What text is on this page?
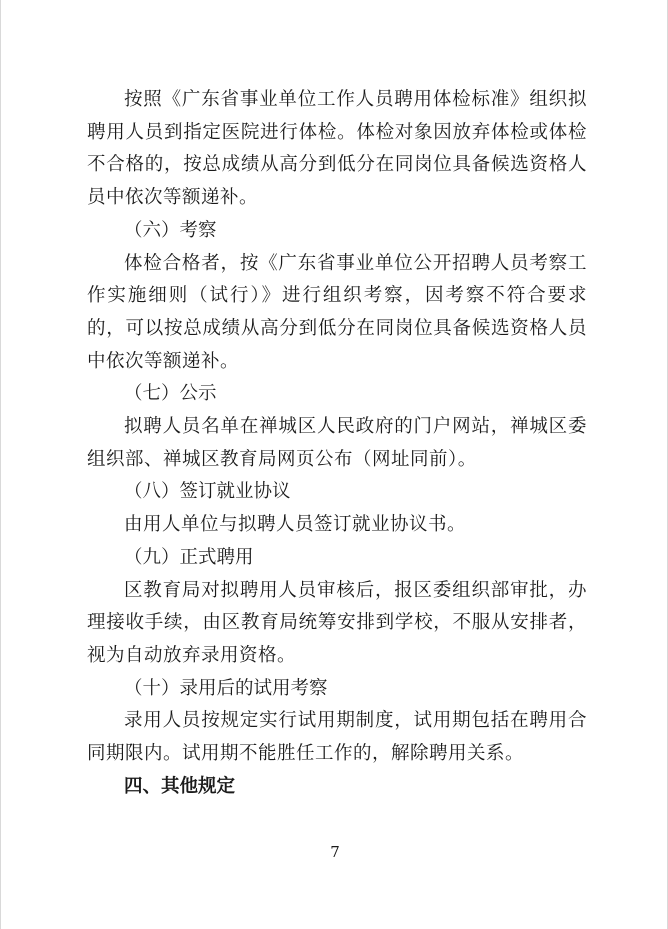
按照《广东省事业单位工作人员聘用体检标准》组织拟聘用人员到指定医院进行体检。体检对象因放弃体检或体检不合格的，按总成绩从高分到低分在同岗位具备候选资格人员中依次等额递补。

（六）考察

体检合格者，按《广东省事业单位公开招聘人员考察工作实施细则（试行）》进行组织考察，因考察不符合要求的，可以按总成绩从高分到低分在同岗位具备候选资格人员中依次等额递补。

（七）公示

拟聘人员名单在禅城区人民政府的门户网站，禅城区委组织部、禅城区教育局网页公布（网址同前）。

（八）签订就业协议

由用人单位与拟聘人员签订就业协议书。

（九）正式聘用

区教育局对拟聘用人员审核后，报区委组织部审批，办理接收手续，由区教育局统筹安排到学校，不服从安排者，视为自动放弃录用资格。

（十）录用后的试用考察

录用人员按规定实行试用期制度，试用期包括在聘用合同期限内。试用期不能胜任工作的，解除聘用关系。

四、其他规定

7
